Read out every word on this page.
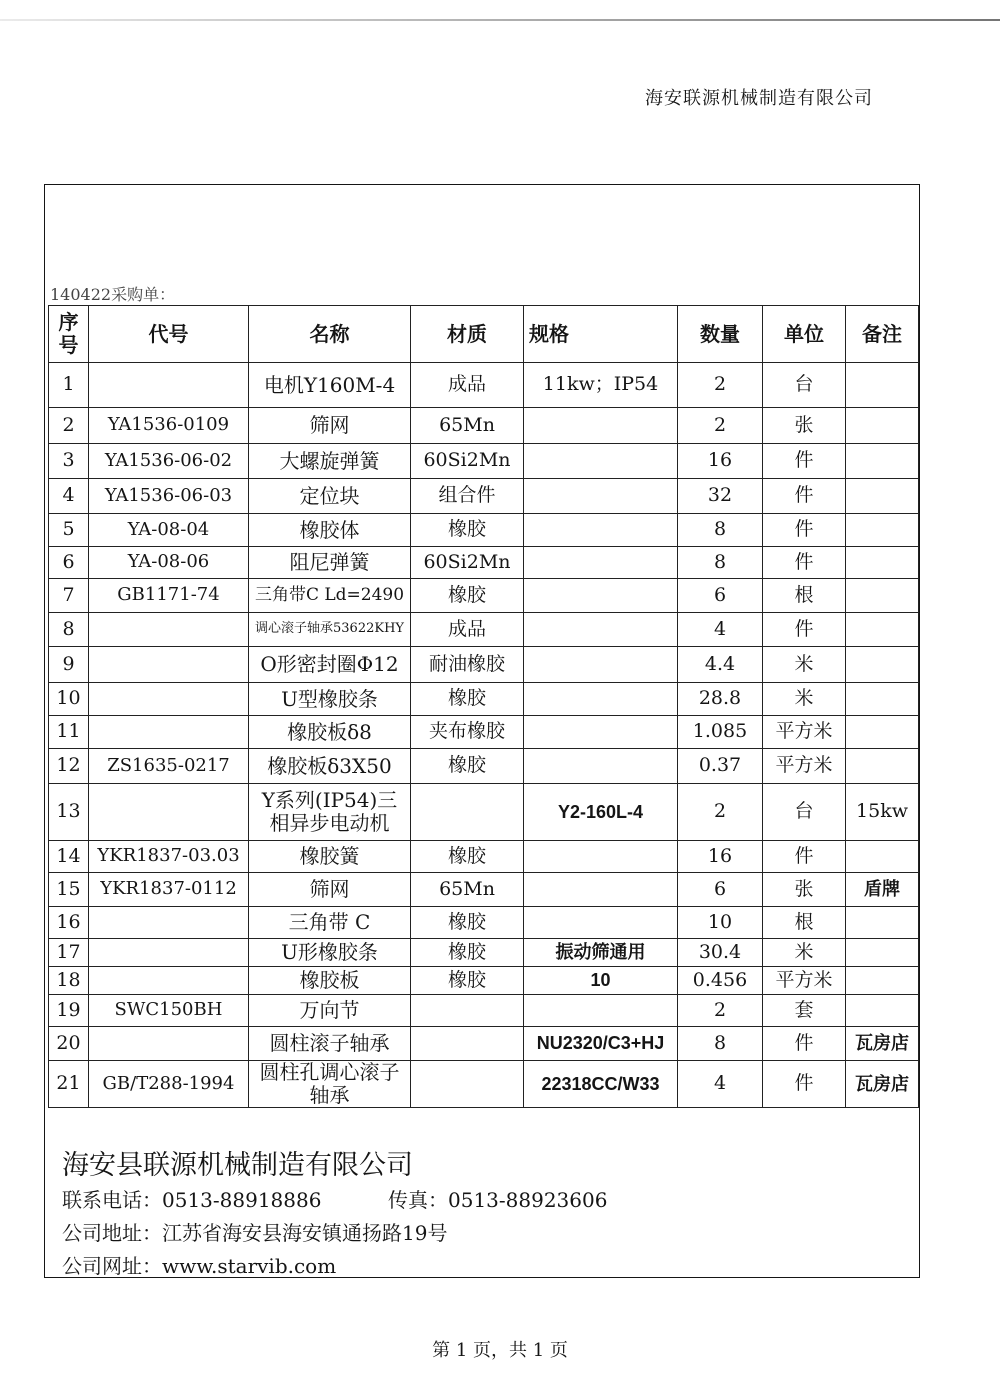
海安联源机械制造有限公司
140422采购单：
序号	代号	名称	材质	规格	数量	单位	备注
1		电机Y160M-4	成品	11kw；IP54	2	台	
2	YA1536-0109	筛网	65Mn		2	张	
3	YA1536-06-02	大螺旋弹簧	60Si2Mn		16	件	
4	YA1536-06-03	定位块	组合件		32	件	
5	YA-08-04	橡胶体	橡胶		8	件	
6	YA-08-06	阻尼弹簧	60Si2Mn		8	件	
7	GB1171-74	三角带C Ld=2490	橡胶		6	根	
8		调心滚子轴承53622KHY	成品		4	件	
9		O形密封圈Φ12	耐油橡胶		4.4	米	
10		U型橡胶条	橡胶		28.8	米	
11		橡胶板δ8	夹布橡胶		1.085	平方米	
12	ZS1635-0217	橡胶板δ3X50	橡胶		0.37	平方米	
13		Y系列(IP54)三相异步电动机		Y2-160L-4	2	台	15kw
14	YKR1837-03.03	橡胶簧	橡胶		16	件	
15	YKR1837-0112	筛网	65Mn		6	张	盾牌
16		三角带 C	橡胶		10	根	
17		U形橡胶条	橡胶	振动筛通用	30.4	米	
18		橡胶板	橡胶	10	0.456	平方米	
19	SWC150BH	万向节			2	套	
20		圆柱滚子轴承		NU2320/C3+HJ	8	件	瓦房店
21	GB/T288-1994	圆柱孔调心滚子轴承		22318CC/W33	4	件	瓦房店
海安县联源机械制造有限公司
联系电话：0513-88918886	传真：0513-88923606
公司地址：江苏省海安县海安镇通扬路19号
公司网址：www.starvib.com
第 1 页，共 1 页
